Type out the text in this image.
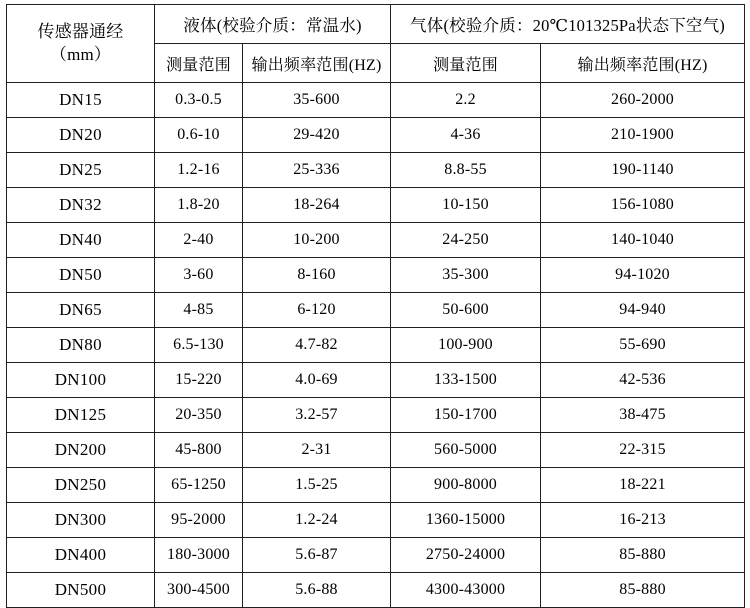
传感器通经
（mm）	液体(校验介质：常温水)		气体(校验介质：20℃101325Pa状态下空气)	
	测量范围	输出频率范围(HZ)	测量范围	输出频率范围(HZ)
DN15	0.3-0.5	35-600	2.2	260-2000
DN20	0.6-10	29-420	4-36	210-1900
DN25	1.2-16	25-336	8.8-55	190-1140
DN32	1.8-20	18-264	10-150	156-1080
DN40	2-40	10-200	24-250	140-1040
DN50	3-60	8-160	35-300	94-1020
DN65	4-85	6-120	50-600	94-940
DN80	6.5-130	4.7-82	100-900	55-690
DN100	15-220	4.0-69	133-1500	42-536
DN125	20-350	3.2-57	150-1700	38-475
DN200	45-800	2-31	560-5000	22-315
DN250	65-1250	1.5-25	900-8000	18-221
DN300	95-2000	1.2-24	1360-15000	16-213
DN400	180-3000	5.6-87	2750-24000	85-880
DN500	300-4500	5.6-88	4300-43000	85-880
